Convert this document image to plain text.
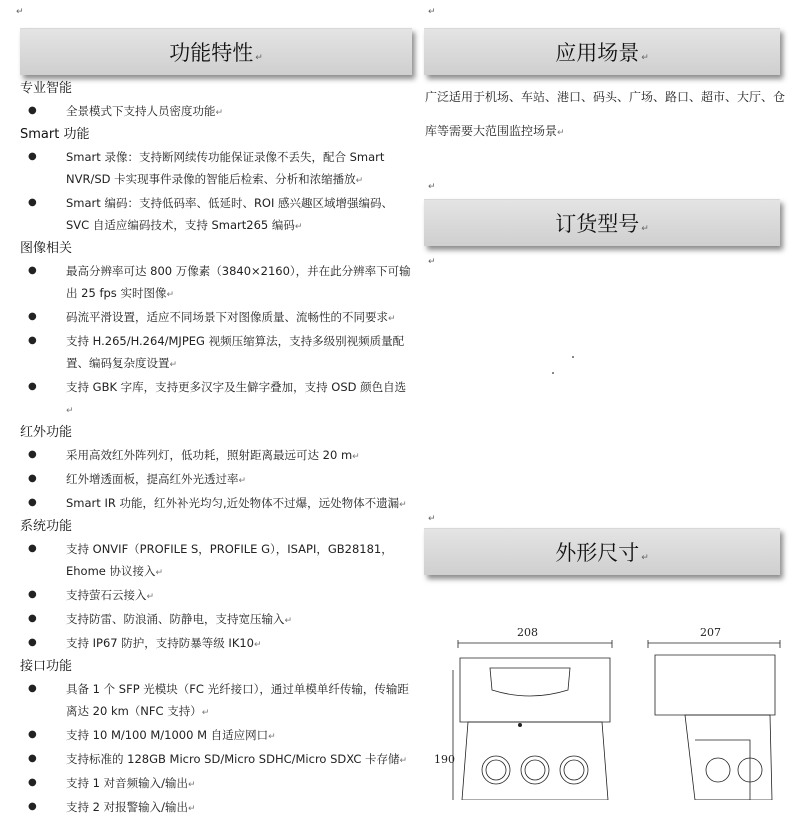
↵	↵
↵
↵
↵
功能特性 ↵	应用场景 ↵
订货型号 ↵
外形尺寸 ↵
广泛适用于机场、车站、港口、码头、广场、路口、超市、大厅、仓库等需要大范围监控场景↵
专业智能
●	全景模式下支持人员密度功能↵
Smart 功能
●	Smart 录像：支持断网续传功能保证录像不丢失，配合 Smart NVR/SD 卡实现事件录像的智能后检索、分析和浓缩播放↵
●	Smart 编码：支持低码率、低延时、ROI 感兴趣区域增强编码、SVC 自适应编码技术，支持 Smart265 编码↵
图像相关
●	最高分辨率可达 800 万像素（3840×2160），并在此分辨率下可输出 25 fps 实时图像↵
●	码流平滑设置，适应不同场景下对图像质量、流畅性的不同要求↵
●	支持 H.265/H.264/MJPEG 视频压缩算法，支持多级别视频质量配置、编码复杂度设置↵
●	支持 GBK 字库，支持更多汉字及生僻字叠加，支持 OSD 颜色自选↵
红外功能
●	采用高效红外阵列灯，低功耗，照射距离最远可达 20 m↵
●	红外增透面板，提高红外光透过率↵
●	Smart IR 功能，红外补光均匀,近处物体不过爆，远处物体不遗漏↵
系统功能
●	支持 ONVIF（PROFILE S，PROFILE G），ISAPI，GB28181，Ehome 协议接入↵
●	支持萤石云接入↵
●	支持防雷、防浪涌、防静电，支持宽压输入↵
●	支持 IP67 防护，支持防暴等级 IK10↵
接口功能
●	具备 1 个 SFP 光模块（FC 光纤接口），通过单模单纤传输，传输距离达 20 km（NFC 支持）↵
●	支持 10 M/100 M/1000 M 自适应网口↵
●	支持标准的 128GB Micro SD/Micro SDHC/Micro SDXC 卡存储↵
●	支持 1 对音频输入/输出↵
●	支持 2 对报警输入/输出↵
208	207
190
